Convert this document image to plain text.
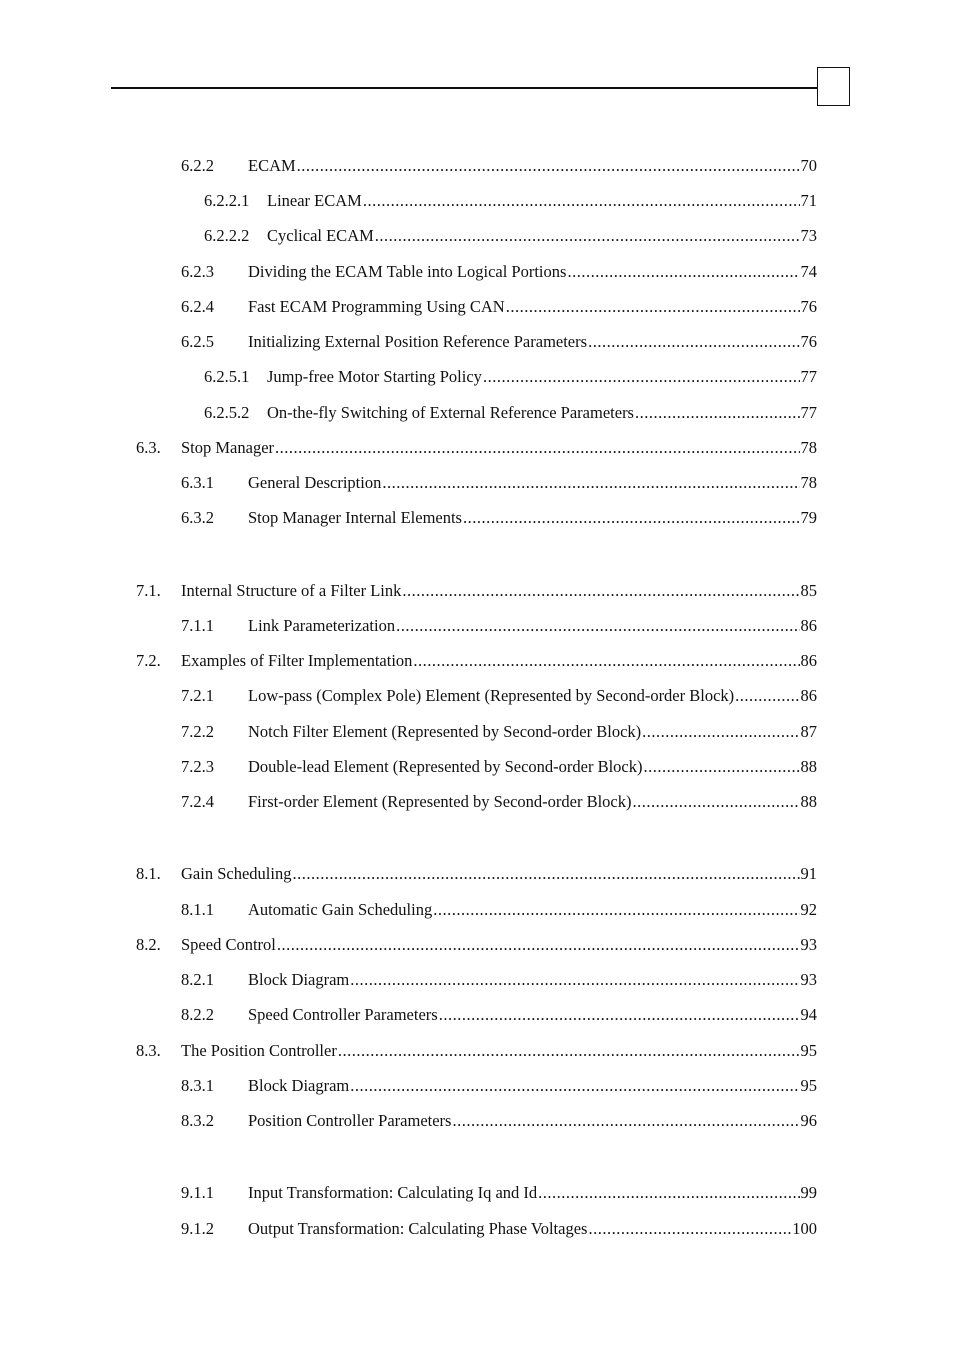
6.2.2 ECAM .....	70
6.2.2.1 Linear ECAM .....	71
6.2.2.2 Cyclical ECAM .....	73
6.2.3 Dividing the ECAM Table into Logical Portions .....	74
6.2.4 Fast ECAM Programming Using CAN .....	76
6.2.5 Initializing External Position Reference Parameters .....	76
6.2.5.1 Jump-free Motor Starting Policy .....	77
6.2.5.2 On-the-fly Switching of External Reference Parameters .....	77
6.3. Stop Manager .....	78
6.3.1 General Description .....	78
6.3.2 Stop Manager Internal Elements .....	79
7.1. Internal Structure of a Filter Link .....	85
7.1.1 Link Parameterization .....	86
7.2. Examples of Filter Implementation .....	86
7.2.1 Low-pass (Complex Pole) Element (Represented by Second-order Block) .....	86
7.2.2 Notch Filter Element (Represented by Second-order Block) .....	87
7.2.3 Double-lead Element (Represented by Second-order Block) .....	88
7.2.4 First-order Element (Represented by Second-order Block) .....	88
8.1. Gain Scheduling .....	91
8.1.1 Automatic Gain Scheduling .....	92
8.2. Speed Control .....	93
8.2.1 Block Diagram .....	93
8.2.2 Speed Controller Parameters .....	94
8.3. The Position Controller .....	95
8.3.1 Block Diagram .....	95
8.3.2 Position Controller Parameters .....	96
9.1.1 Input Transformation: Calculating Iq and Id .....	99
9.1.2 Output Transformation: Calculating Phase Voltages .....	100
